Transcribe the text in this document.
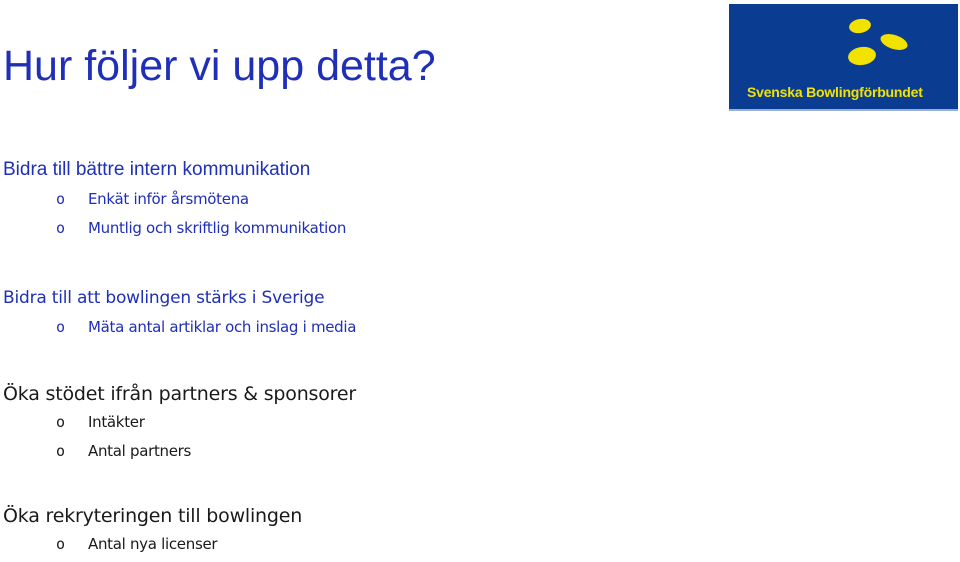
Hur följer vi upp detta?
Svenska Bowlingförbundet
Bidra till bättre intern kommunikation
o Enkät inför årsmötena
o Muntlig och skriftlig kommunikation
Bidra till att bowlingen stärks i Sverige
o Mäta antal artiklar och inslag i media
Öka stödet ifrån partners & sponsorer
o Intäkter
o Antal partners
Öka rekryteringen till bowlingen
o Antal nya licenser
